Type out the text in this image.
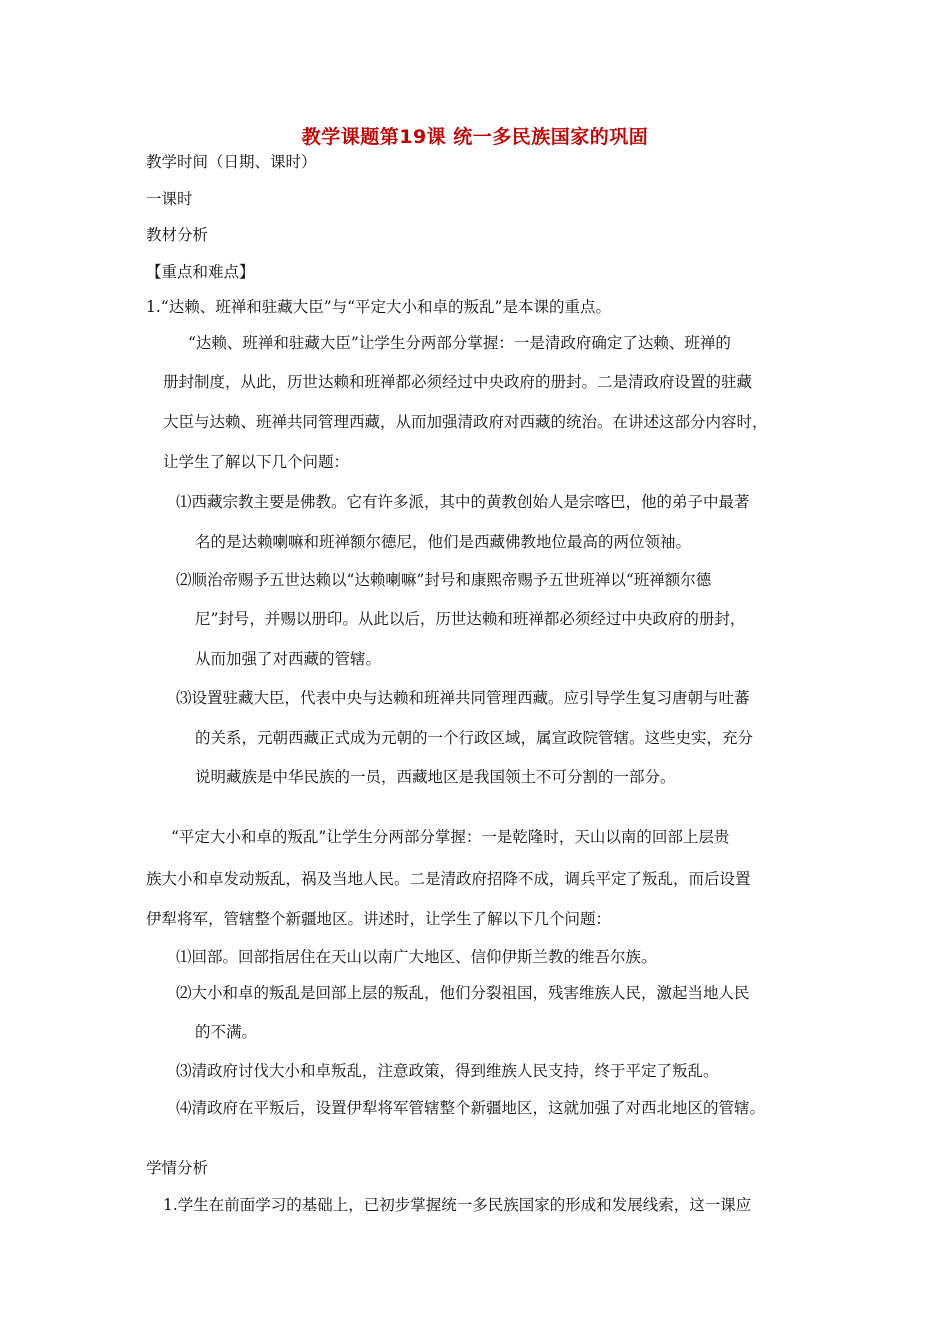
教学课题第19课 统一多民族国家的巩固
教学时间（日期、课时）
一课时
教材分析
【重点和难点】
1.“达赖、班禅和驻藏大臣”与“平定大小和卓的叛乱”是本课的重点。
“达赖、班禅和驻藏大臣”让学生分两部分掌握：一是清政府确定了达赖、班禅的
册封制度，从此，历世达赖和班禅都必须经过中央政府的册封。二是清政府设置的驻藏
大臣与达赖、班禅共同管理西藏，从而加强清政府对西藏的统治。在讲述这部分内容时，
让学生了解以下几个问题：
⑴西藏宗教主要是佛教。它有许多派，其中的黄教创始人是宗喀巴，他的弟子中最著
名的是达赖喇嘛和班禅额尔德尼，他们是西藏佛教地位最高的两位领袖。
⑵顺治帝赐予五世达赖以“达赖喇嘛”封号和康熙帝赐予五世班禅以“班禅额尔德
尼”封号，并赐以册印。从此以后，历世达赖和班禅都必须经过中央政府的册封，
从而加强了对西藏的管辖。
⑶设置驻藏大臣，代表中央与达赖和班禅共同管理西藏。应引导学生复习唐朝与吐蕃
的关系，元朝西藏正式成为元朝的一个行政区域，属宣政院管辖。这些史实，充分
说明藏族是中华民族的一员，西藏地区是我国领土不可分割的一部分。
“平定大小和卓的叛乱”让学生分两部分掌握：一是乾隆时，天山以南的回部上层贵
族大小和卓发动叛乱，祸及当地人民。二是清政府招降不成，调兵平定了叛乱，而后设置
伊犁将军，管辖整个新疆地区。讲述时，让学生了解以下几个问题：
⑴回部。回部指居住在天山以南广大地区、信仰伊斯兰教的维吾尔族。
⑵大小和卓的叛乱是回部上层的叛乱，他们分裂祖国，残害维族人民，激起当地人民
的不满。
⑶清政府讨伐大小和卓叛乱，注意政策，得到维族人民支持，终于平定了叛乱。
⑷清政府在平叛后，设置伊犁将军管辖整个新疆地区，这就加强了对西北地区的管辖。
学情分析
1.学生在前面学习的基础上，已初步掌握统一多民族国家的形成和发展线索，这一课应
